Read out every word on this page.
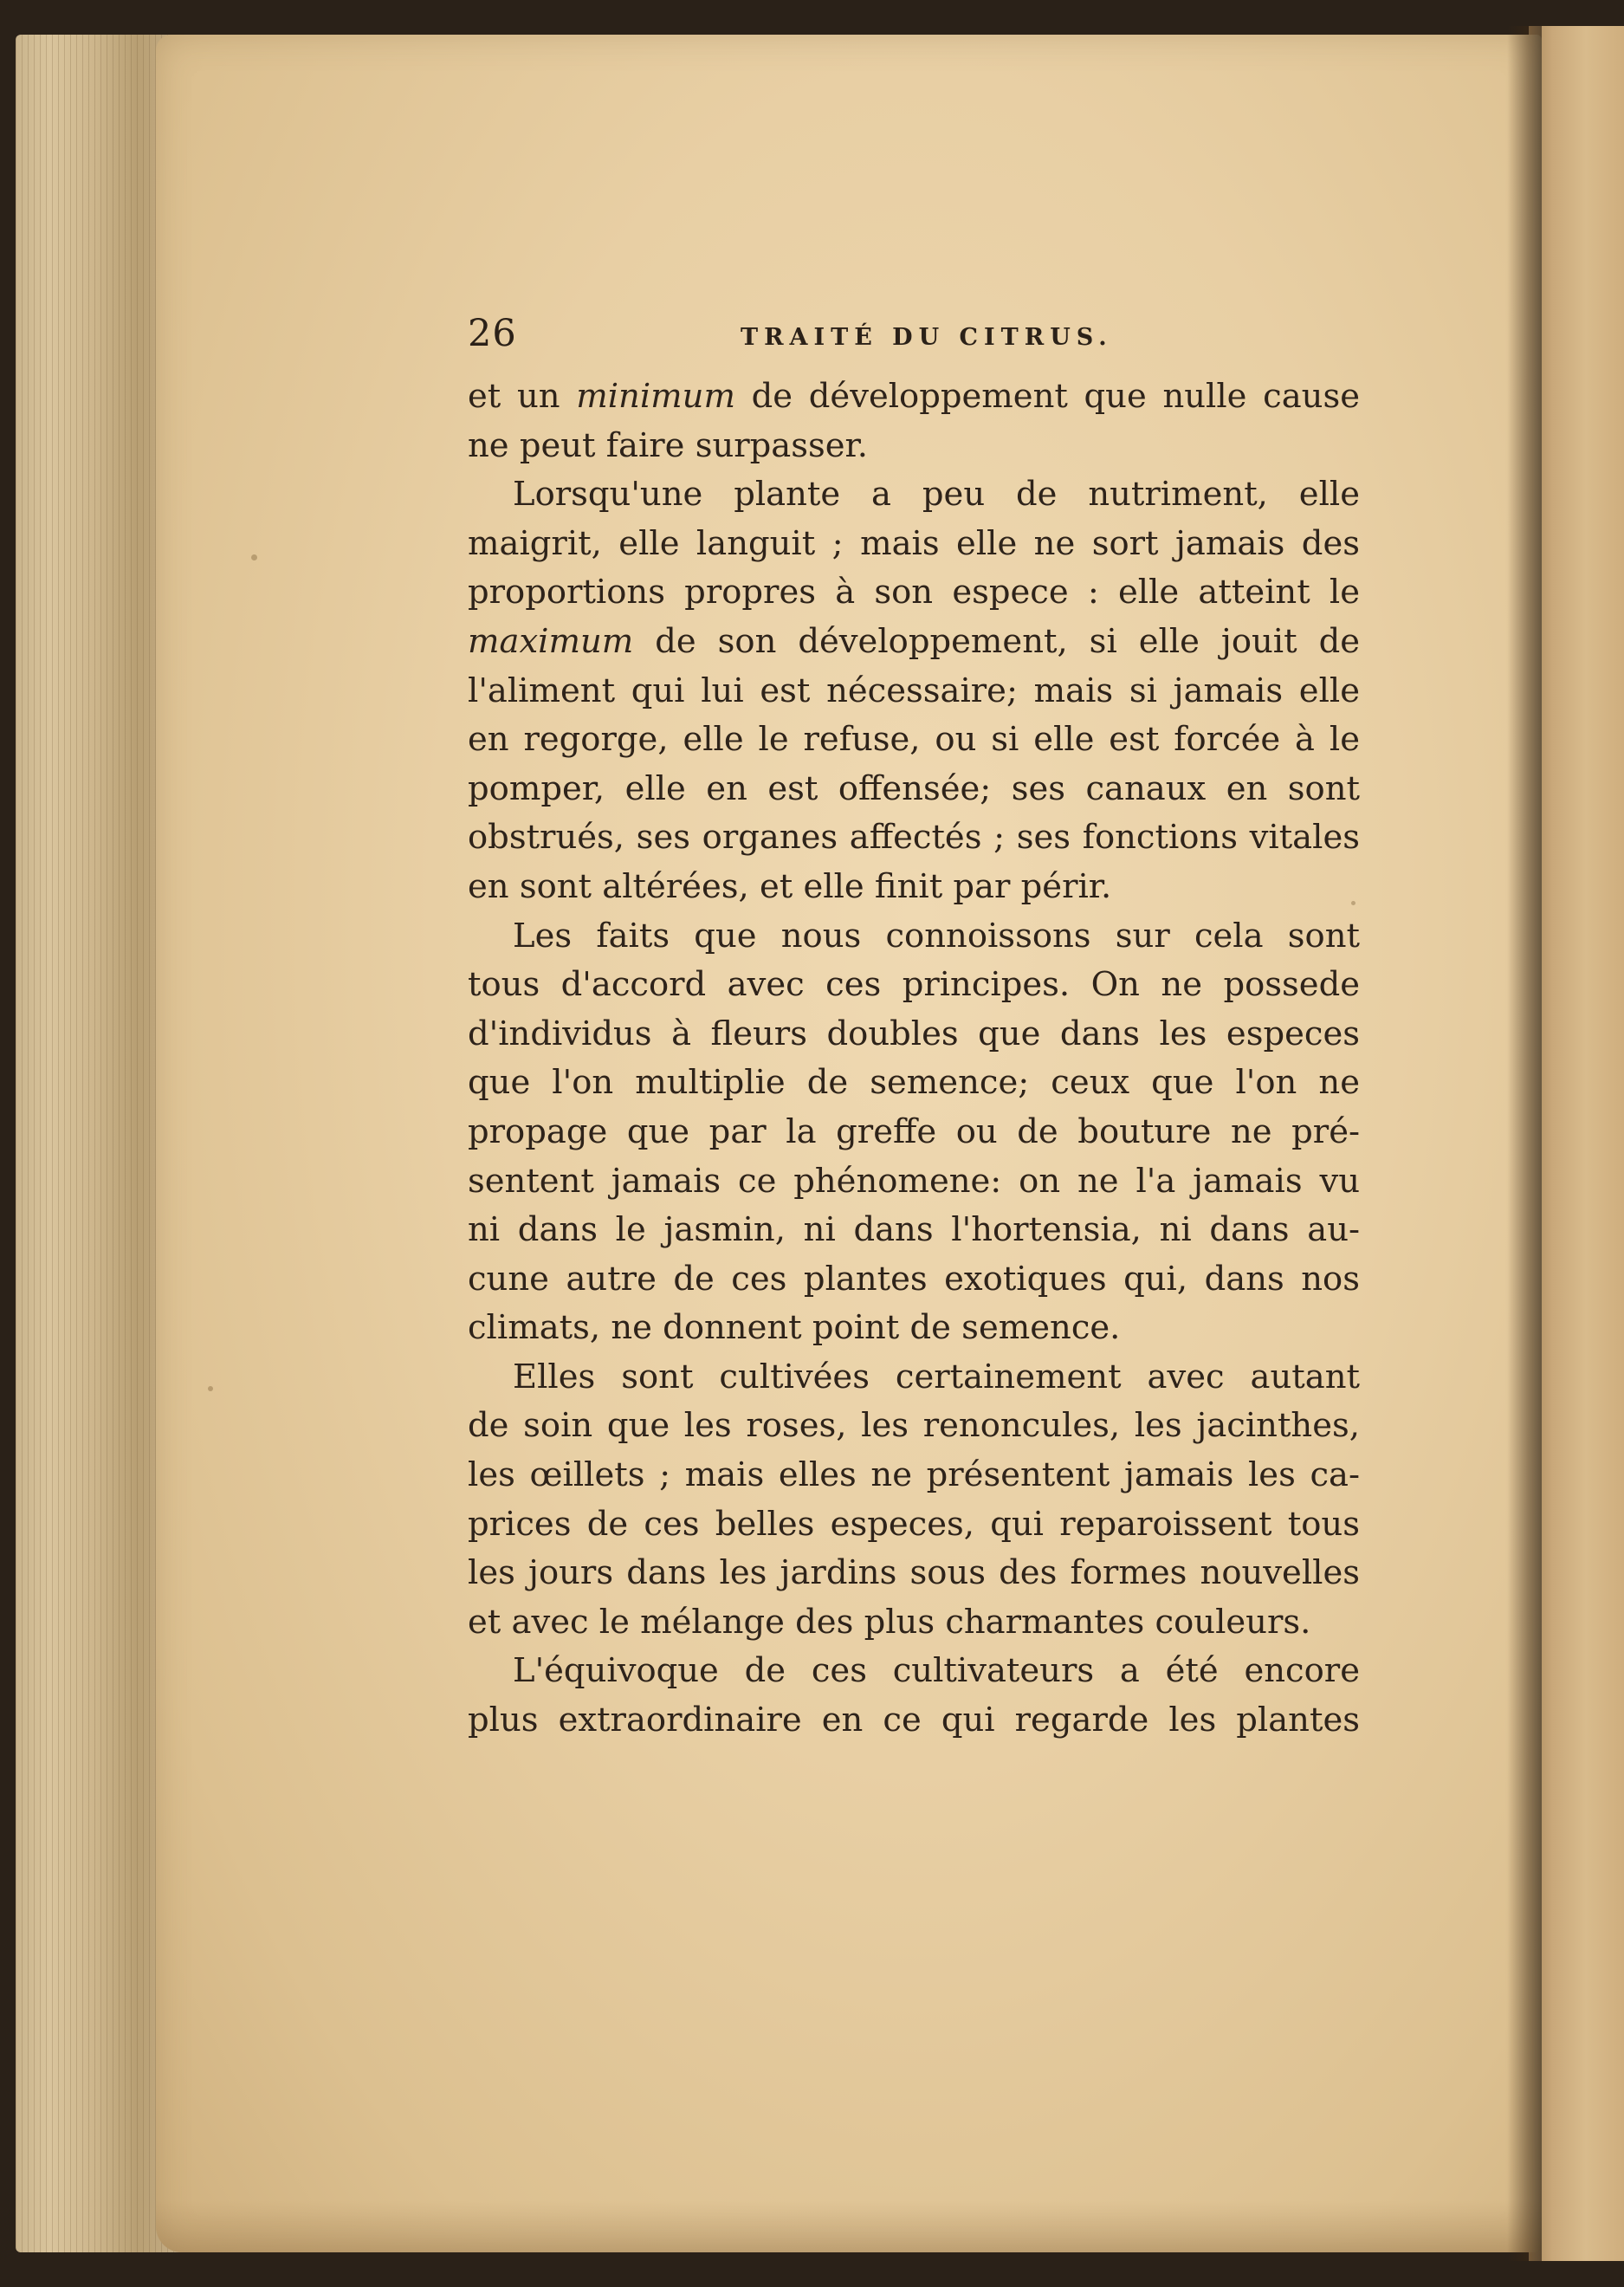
26	TRAITÉ DU CITRUS.
et un minimum de développement que nulle cause
ne peut faire surpasser.
Lorsqu'une plante a peu de nutriment, elle
maigrit, elle languit ; mais elle ne sort jamais des
proportions propres à son espece : elle atteint le
maximum de son développement, si elle jouit de
l'aliment qui lui est nécessaire; mais si jamais elle
en regorge, elle le refuse, ou si elle est forcée à le
pomper, elle en est offensée; ses canaux en sont
obstrués, ses organes affectés ; ses fonctions vitales
en sont altérées, et elle finit par périr.
Les faits que nous connoissons sur cela sont
tous d'accord avec ces principes. On ne possede
d'individus à fleurs doubles que dans les especes
que l'on multiplie de semence; ceux que l'on ne
propage que par la greffe ou de bouture ne pré-
sentent jamais ce phénomene: on ne l'a jamais vu
ni dans le jasmin, ni dans l'hortensia, ni dans au-
cune autre de ces plantes exotiques qui, dans nos
climats, ne donnent point de semence.
Elles sont cultivées certainement avec autant
de soin que les roses, les renoncules, les jacinthes,
les œillets ; mais elles ne présentent jamais les ca-
prices de ces belles especes, qui reparoissent tous
les jours dans les jardins sous des formes nouvelles
et avec le mélange des plus charmantes couleurs.
L'équivoque de ces cultivateurs a été encore
plus extraordinaire en ce qui regarde les plantes
